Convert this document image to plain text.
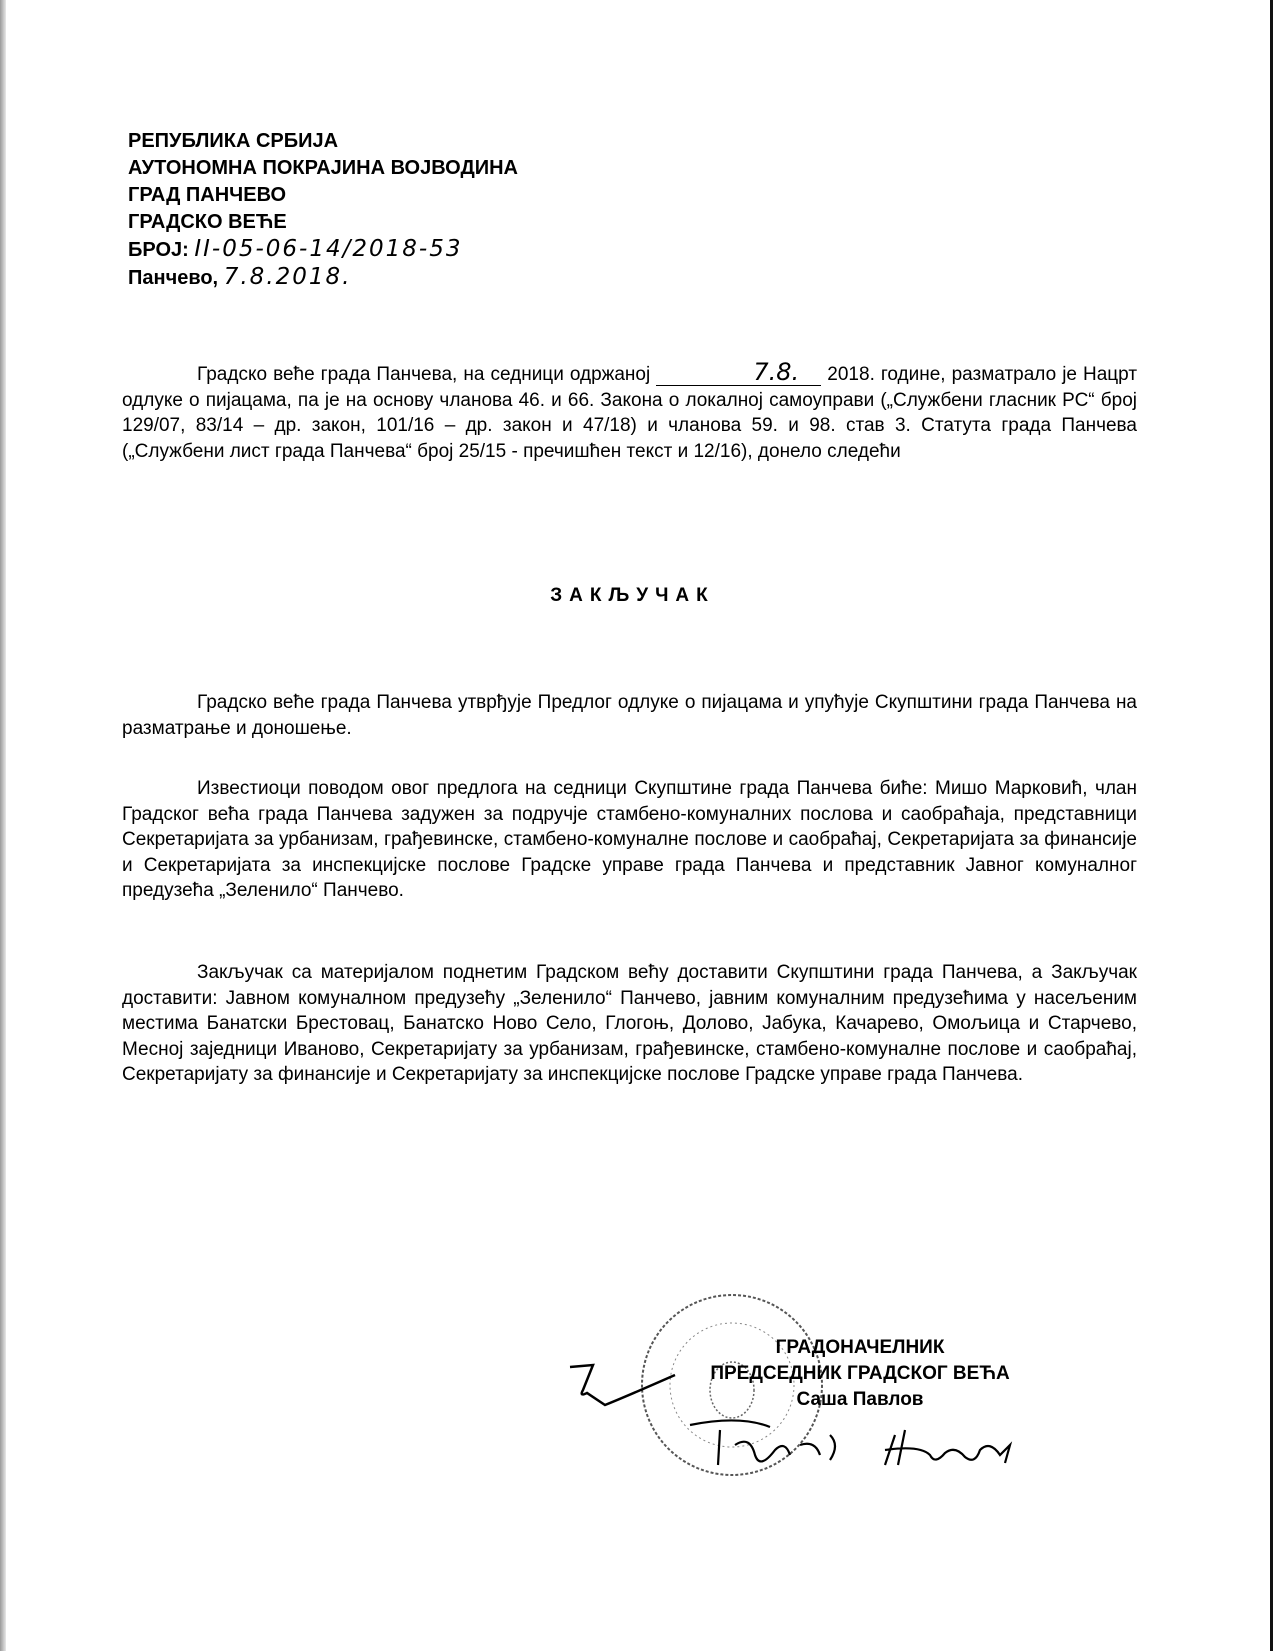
РЕПУБЛИКА СРБИЈА
АУТОНОМНА ПОКРАЈИНА ВОЈВОДИНА
ГРАД ПАНЧЕВО
ГРАДСКО ВЕЋЕ
БРОЈ: II-05-06-14/2018-53
Панчево, 7.8.2018.
Градско веће града Панчева, на седници одржаној	7.8. 2018. године, разматрало је Нацрт одлуке о пијацама, па је на основу чланова 46. и 66. Закона о локалној самоуправи („Службени гласник РС“ број 129/07, 83/14 – др. закон, 101/16 – др. закон и 47/18) и чланова 59. и 98. став 3. Статута града Панчева („Службени лист града Панчева“ број 25/15 - пречишћен текст и 12/16), донело следећи
ЗАКЉУЧАК
Градско веће града Панчева утврђује Предлог одлуке о пијацама и упућује Скупштини града Панчева на разматрање и доношење.
Известиоци поводом овог предлога на седници Скупштине града Панчева биће: Мишо Марковић, члан Градског већа града Панчева задужен за подручје стамбено-комуналних послова и саобраћаја, представници Секретаријата за урбанизам, грађевинске, стамбено-комуналне послове и саобраћај, Секретаријата за финансије и Секретаријата за инспекцијске послове Градске управе града Панчева и представник Јавног комуналног предузећа „Зеленило“ Панчево.
Закључак са материјалом поднетим Градском већу доставити Скупштини града Панчева, а Закључак доставити: Јавном комуналном предузећу „Зеленило“ Панчево, јавним комуналним предузећима у насељеним местима Банатски Брестовац, Банатско Ново Село, Глогоњ, Долово, Јабука, Качарево, Омољица и Старчево, Месној заједници Иваново, Секретаријату за урбанизам, грађевинске, стамбено-комуналне послове и саобраћај, Секретаријату за финансије и Секретаријату за инспекцијске послове Градске управе града Панчева.
ГРАДОНАЧЕЛНИК
ПРЕДСЕДНИК ГРАДСКОГ ВЕЋА
Саша Павлов
